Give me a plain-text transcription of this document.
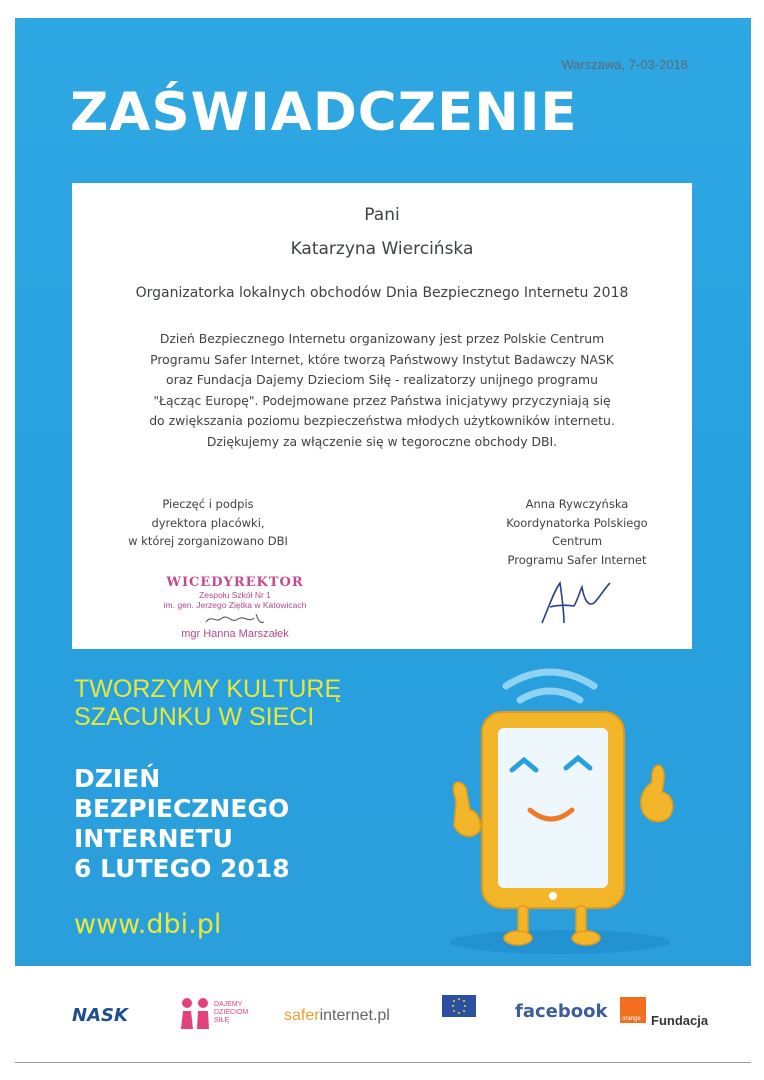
Warszawa, 7-03-2018
ZAŚWIADCZENIE
Pani
Katarzyna Wiercińska
Organizatorka lokalnych obchodów Dnia Bezpiecznego Internetu 2018
Dzień Bezpiecznego Internetu organizowany jest przez Polskie Centrum
Programu Safer Internet, które tworzą Państwowy Instytut Badawczy NASK
oraz Fundacja Dajemy Dzieciom Siłę - realizatorzy unijnego programu
"Łącząc Europę". Podejmowane przez Państwa inicjatywy przyczyniają się
do zwiększania poziomu bezpieczeństwa młodych użytkowników internetu.
Dziękujemy za włączenie się w tegoroczne obchody DBI.
Pieczęć i podpis
dyrektora placówki,
w której zorganizowano DBI
Anna Rywczyńska
Koordynatorka Polskiego
Centrum
Programu Safer Internet
WICEDYREKTOR
Zespołu Szkół Nr 1
im. gen. Jerzego Ziętka w Katowicach
mgr Hanna Marszałek
TWORZYMY KULTURĘ
SZACUNKU W SIECI
DZIEŃ
BEZPIECZNEGO
INTERNETU
6 LUTEGO 2018
www.dbi.pl
NASK
DAJEMY
DZIECIOM
SIŁĘ	saferinternet.pl	facebook orange Fundacja
